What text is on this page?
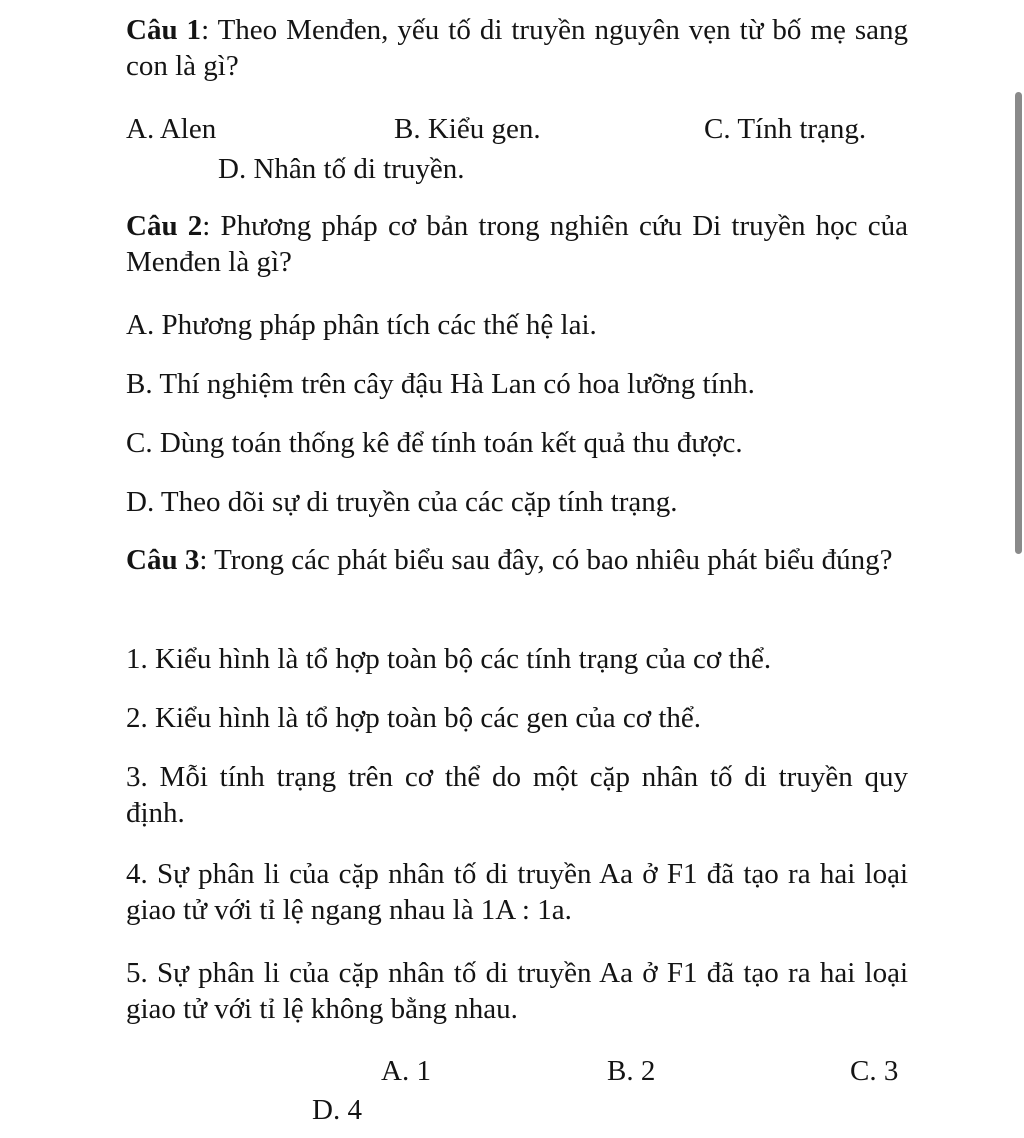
Câu 1: Theo Menđen, yếu tố di truyền nguyên vẹn từ bố mẹ sang con là gì?
A. Alen	B. Kiểu gen.	C. Tính trạng.
D. Nhân tố di truyền.
Câu 2: Phương pháp cơ bản trong nghiên cứu Di truyền học của Menđen là gì?
A. Phương pháp phân tích các thế hệ lai.
B. Thí nghiệm trên cây đậu Hà Lan có hoa lưỡng tính.
C. Dùng toán thống kê để tính toán kết quả thu được.
D. Theo dõi sự di truyền của các cặp tính trạng.
Câu 3: Trong các phát biểu sau đây, có bao nhiêu phát biểu đúng?
1. Kiểu hình là tổ hợp toàn bộ các tính trạng của cơ thể.
2. Kiểu hình là tổ hợp toàn bộ các gen của cơ thể.
3. Mỗi tính trạng trên cơ thể do một cặp nhân tố di truyền quy định.
4. Sự phân li của cặp nhân tố di truyền Aa ở F1 đã tạo ra hai loại giao tử với tỉ lệ ngang nhau là 1A : 1a.
5. Sự phân li của cặp nhân tố di truyền Aa ở F1 đã tạo ra hai loại giao tử với tỉ lệ không bằng nhau.
A. 1	B. 2	C. 3
D. 4
